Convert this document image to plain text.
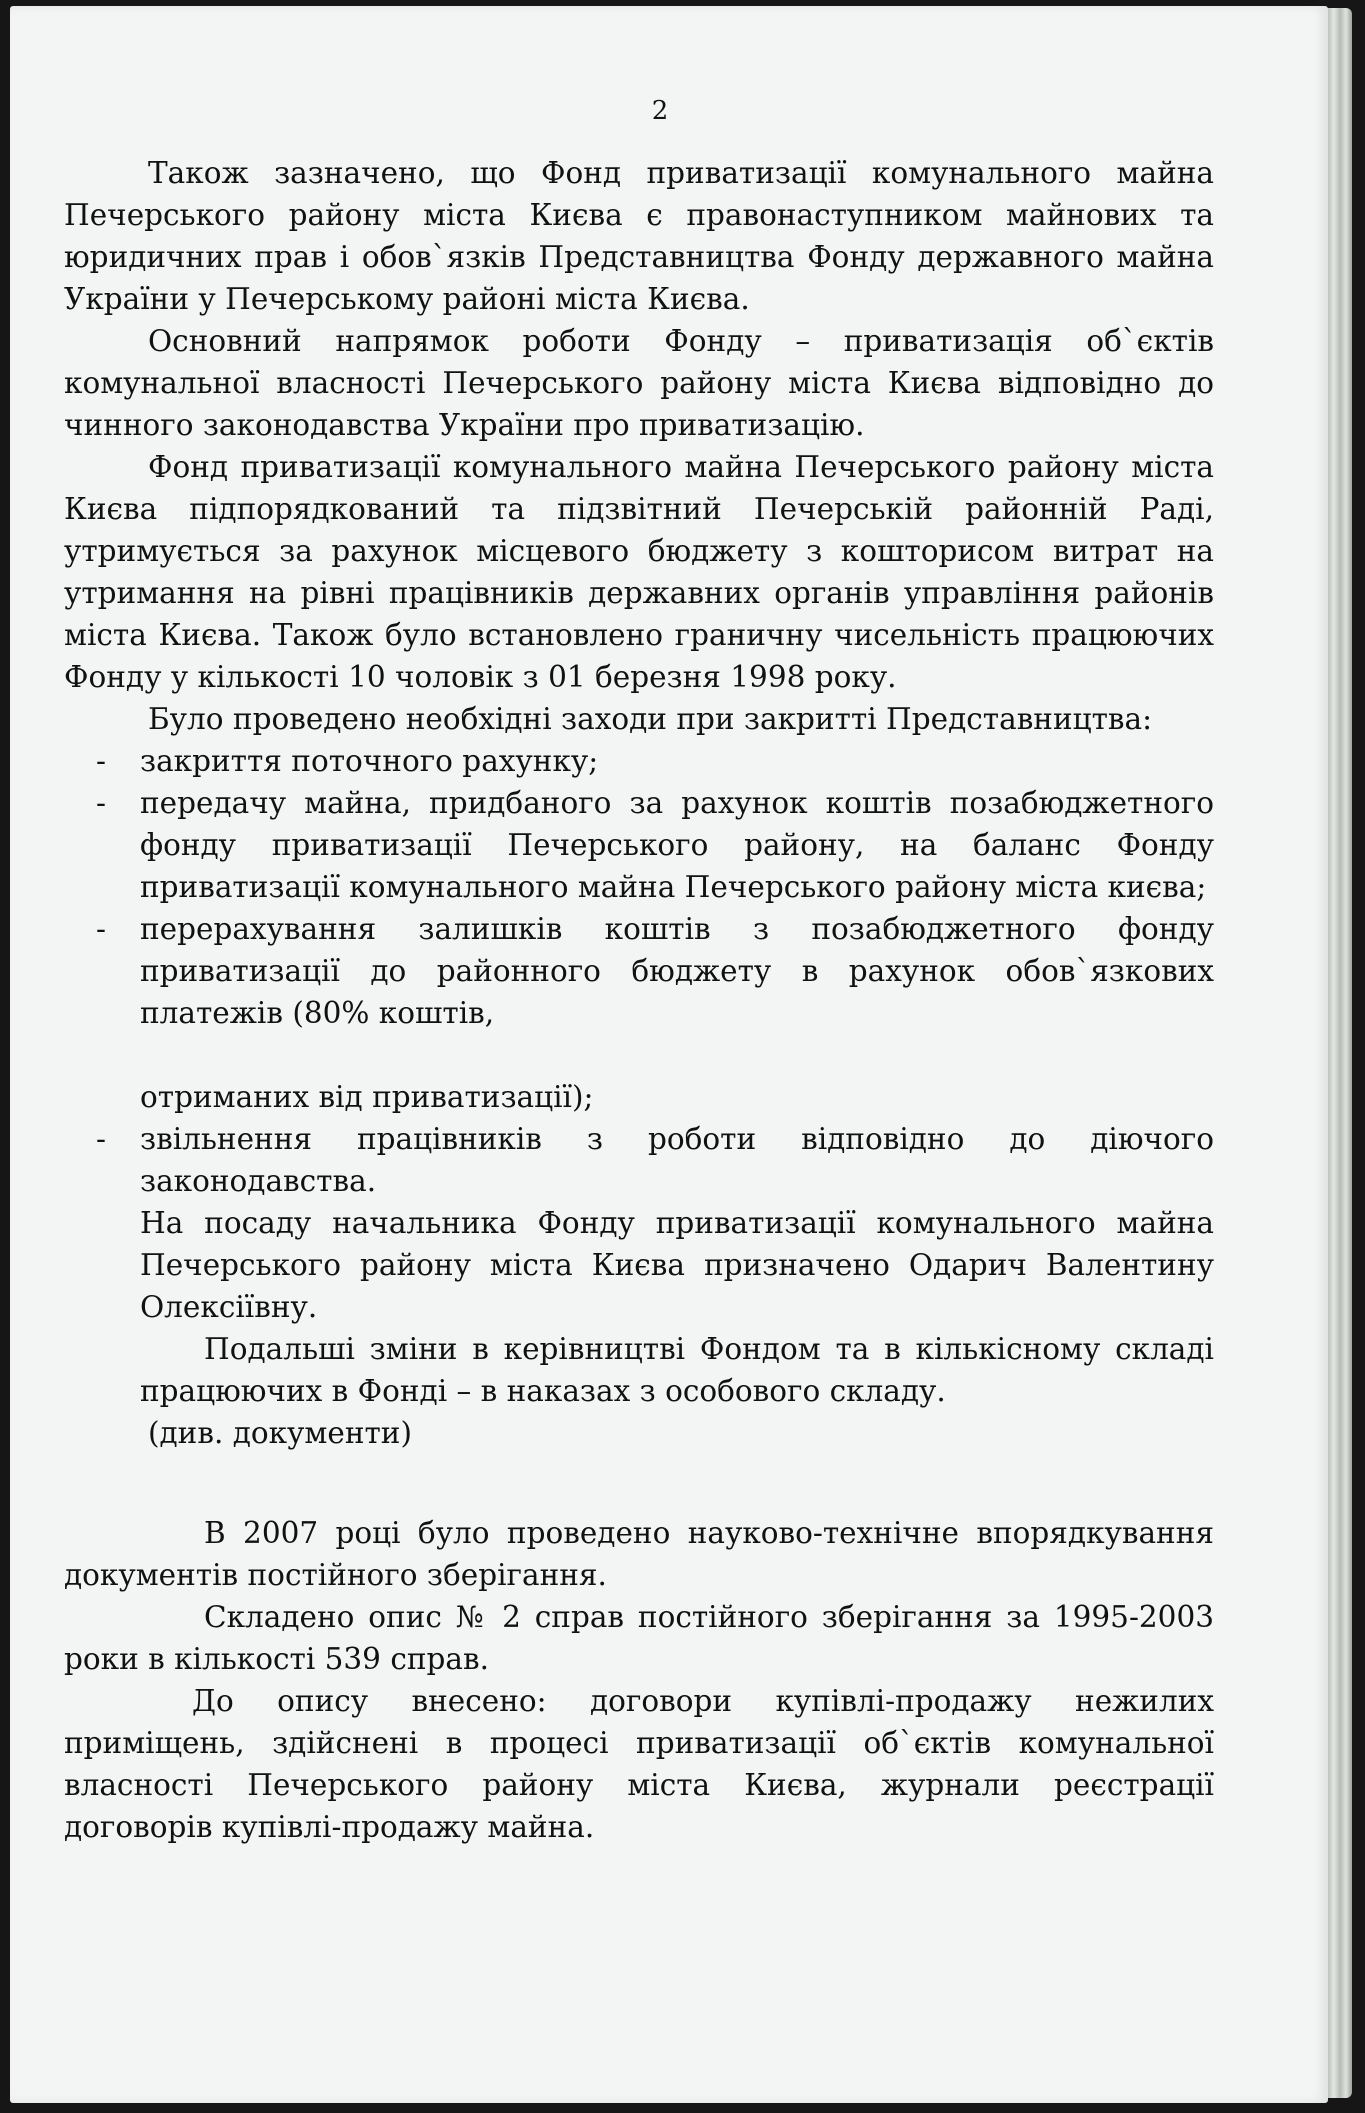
2

Також зазначено, що Фонд приватизації комунального майна Печерського району міста Києва є правонаступником майнових та юридичних прав і обов`язків Представництва Фонду державного майна України у Печерському районі міста Києва.

Основний напрямок роботи Фонду – приватизація об`єктів комунальної власності Печерського району міста Києва відповідно до чинного законодавства України про приватизацію.

Фонд приватизації комунального майна Печерського району міста Києва підпорядкований та підзвітний Печерській районній Раді, утримується за рахунок місцевого бюджету з кошторисом витрат на утримання на рівні працівників державних органів управління районів міста Києва. Також було встановлено граничну чисельність працюючих Фонду у кількості 10 чоловік з 01 березня 1998 року.

Було проведено необхідні заходи при закритті Представництва:

- закриття поточного рахунку;
- передачу майна, придбаного за рахунок коштів позабюджетного фонду приватизації Печерського району, на баланс Фонду приватизації комунального майна Печерського району міста києва;
- перерахування залишків коштів з позабюджетного фонду приватизації до районного бюджету в рахунок обов`язкових платежів (80% коштів,

отриманих від приватизації);

- звільнення працівників з роботи відповідно до діючого законодавства.

На посаду начальника Фонду приватизації комунального майна Печерського району міста Києва призначено Одарич Валентину Олексіївну.

Подальші зміни в керівництві Фондом та в кількісному складі працюючих в Фонді – в наказах з особового складу.

(див. документи)

В 2007 році було проведено науково-технічне впорядкування документів постійного зберігання.

Складено опис № 2 справ постійного зберігання за 1995-2003 роки в кількості 539 справ.

До опису внесено: договори купівлі-продажу нежилих приміщень, здійснені в процесі приватизації об`єктів комунальної власності Печерського району міста Києва, журнали реєстрації договорів купівлі-продажу майна.
